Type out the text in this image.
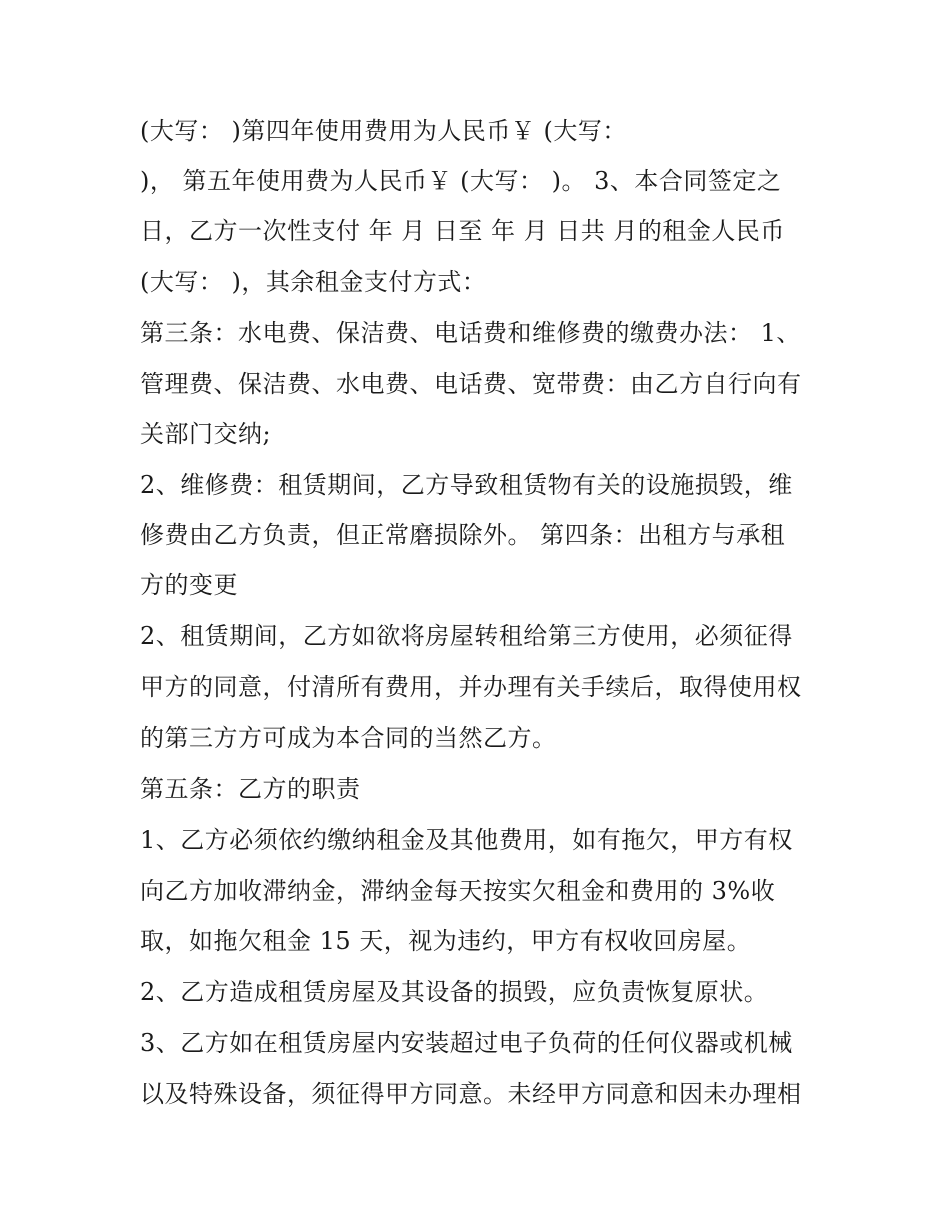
(大写： )第四年使用费用为人民币￥ (大写：
)， 第五年使用费为人民币￥ (大写： )。 3、本合同签定之
日，乙方一次性支付 年 月 日至 年 月 日共 月的租金人民币
(大写： )，其余租金支付方式：
第三条：水电费、保洁费、电话费和维修费的缴费办法： 1、
管理费、保洁费、水电费、电话费、宽带费：由乙方自行向有
关部门交纳;
2、维修费：租赁期间，乙方导致租赁物有关的设施损毁，维
修费由乙方负责，但正常磨损除外。 第四条：出租方与承租
方的变更
2、租赁期间，乙方如欲将房屋转租给第三方使用，必须征得
甲方的同意，付清所有费用，并办理有关手续后，取得使用权
的第三方方可成为本合同的当然乙方。
第五条：乙方的职责
1、乙方必须依约缴纳租金及其他费用，如有拖欠，甲方有权
向乙方加收滞纳金，滞纳金每天按实欠租金和费用的 3%收
取，如拖欠租金 15 天，视为违约，甲方有权收回房屋。
2、乙方造成租赁房屋及其设备的损毁，应负责恢复原状。
3、乙方如在租赁房屋内安装超过电子负荷的任何仪器或机械
以及特殊设备，须征得甲方同意。未经甲方同意和因未办理相
